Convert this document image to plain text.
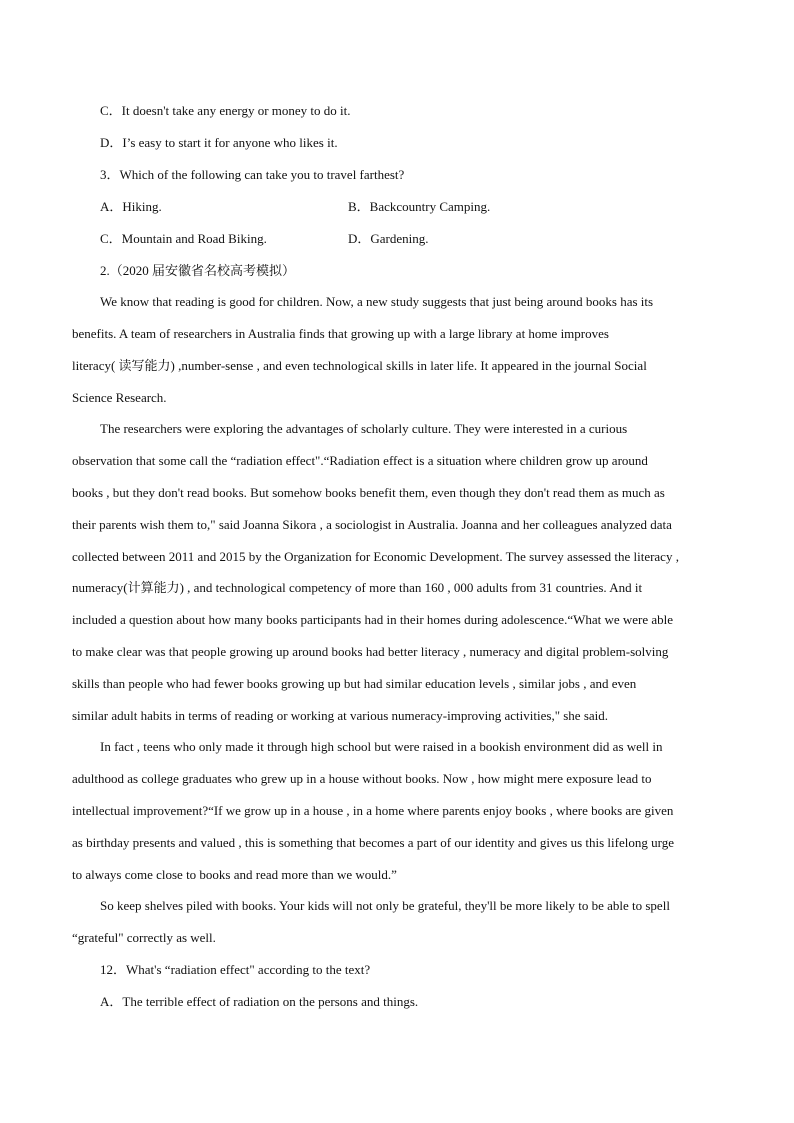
C．It doesn't take any energy or money to do it.
D．I’s easy to start it for anyone who likes it.
3．Which of the following can take you to travel farthest?
A．Hiking.	B．Backcountry Camping.
C．Mountain and Road Biking.	D．Gardening.
2.（2020 届安徽省名校高考模拟）
We know that reading is good for children. Now, a new study suggests that just being around books has its
benefits. A team of researchers in Australia finds that growing up with a large library at home improves
literacy( 读写能力) ,number-sense , and even technological skills in later life. It appeared in the journal Social
Science Research.
The researchers were exploring the advantages of scholarly culture. They were interested in a curious
observation that some call the “radiation effect".“Radiation effect is a situation where children grow up around
books , but they don't read books. But somehow books benefit them, even though they don't read them as much as
their parents wish them to," said Joanna Sikora , a sociologist in Australia. Joanna and her colleagues analyzed data
collected between 2011 and 2015 by the Organization for Economic Development. The survey assessed the literacy ,
numeracy(计算能力) , and technological competency of more than 160 , 000 adults from 31 countries. And it
included a question about how many books participants had in their homes during adolescence.“What we were able
to make clear was that people growing up around books had better literacy , numeracy and digital problem-solving
skills than people who had fewer books growing up but had similar education levels , similar jobs , and even
similar adult habits in terms of reading or working at various numeracy-improving activities," she said.
In fact , teens who only made it through high school but were raised in a bookish environment did as well in
adulthood as college graduates who grew up in a house without books. Now , how might mere exposure lead to
intellectual improvement?“If we grow up in a house , in a home where parents enjoy books , where books are given
as birthday presents and valued , this is something that becomes a part of our identity and gives us this lifelong urge
to always come close to books and read more than we would.”
So keep shelves piled with books. Your kids will not only be grateful, they'll be more likely to be able to spell
“grateful" correctly as well.
12．What's “radiation effect" according to the text?
A．The terrible effect of radiation on the persons and things.
